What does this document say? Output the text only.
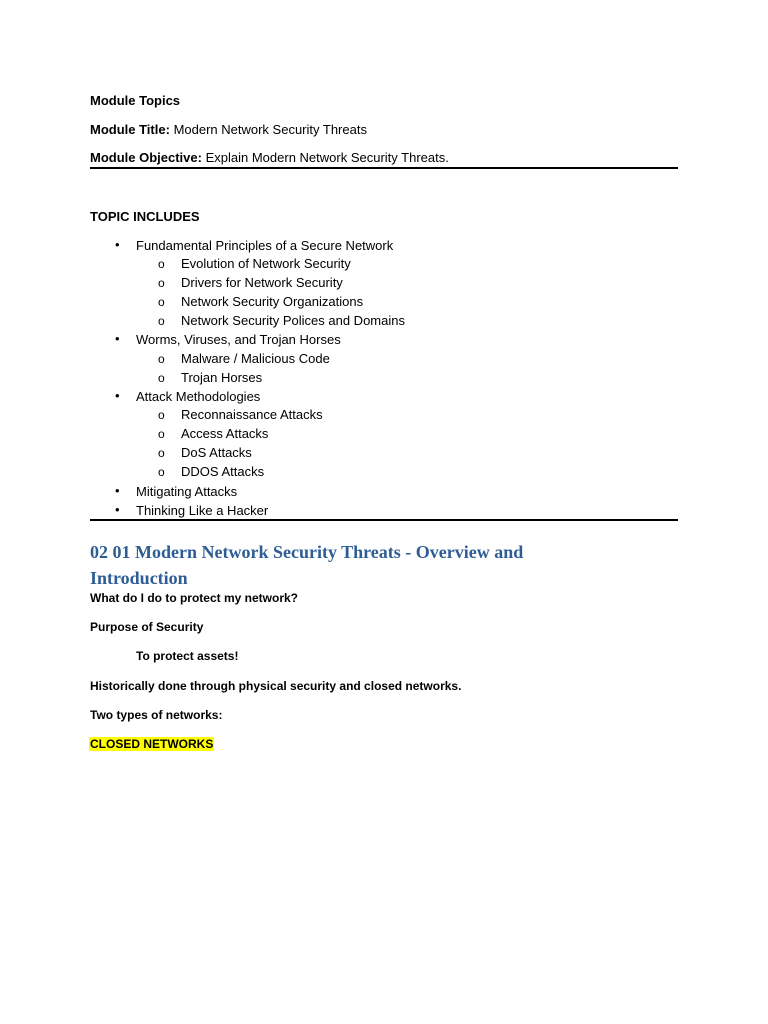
Module Topics
Module Title: Modern Network Security Threats
Module Objective: Explain Modern Network Security Threats.
TOPIC INCLUDES
• Fundamental Principles of a Secure Network
o Evolution of Network Security
o Drivers for Network Security
o Network Security Organizations
o Network Security Polices and Domains
• Worms, Viruses, and Trojan Horses
o Malware / Malicious Code
o Trojan Horses
• Attack Methodologies
o Reconnaissance Attacks
o Access Attacks
o DoS Attacks
o DDOS Attacks
• Mitigating Attacks
• Thinking Like a Hacker
02 01 Modern Network Security Threats - Overview and Introduction
What do I do to protect my network?
Purpose of Security
To protect assets!
Historically done through physical security and closed networks.
Two types of networks:
CLOSED NETWORKS
